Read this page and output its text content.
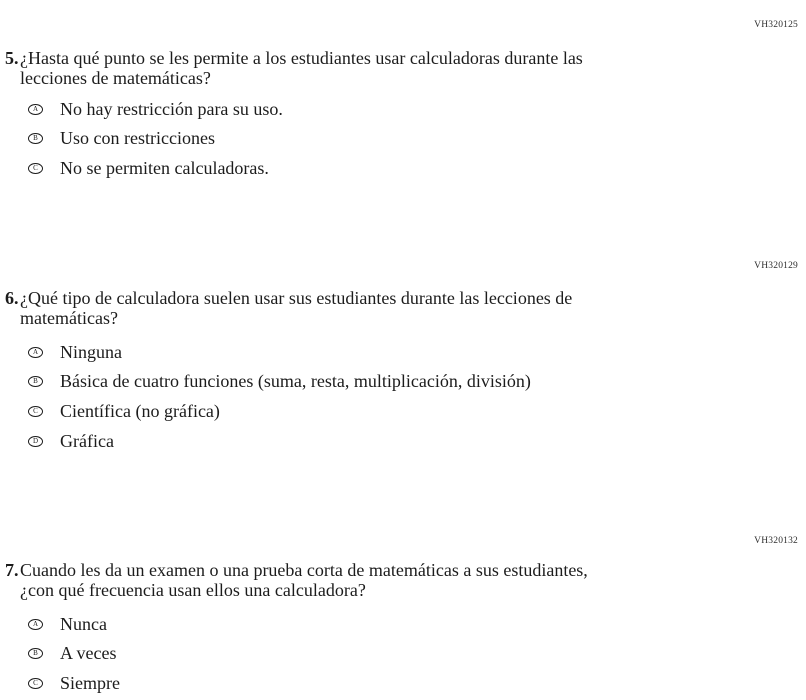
VH320125
5. ¿Hasta qué punto se les permite a los estudiantes usar calculadoras durante las
lecciones de matemáticas?
A No hay restricción para su uso.
B Uso con restricciones
C No se permiten calculadoras.
VH320129
6. ¿Qué tipo de calculadora suelen usar sus estudiantes durante las lecciones de
matemáticas?
A Ninguna
B Básica de cuatro funciones (suma, resta, multiplicación, división)
C Científica (no gráfica)
D Gráfica
VH320132
7. Cuando les da un examen o una prueba corta de matemáticas a sus estudiantes,
¿con qué frecuencia usan ellos una calculadora?
A Nunca
B A veces
C Siempre
